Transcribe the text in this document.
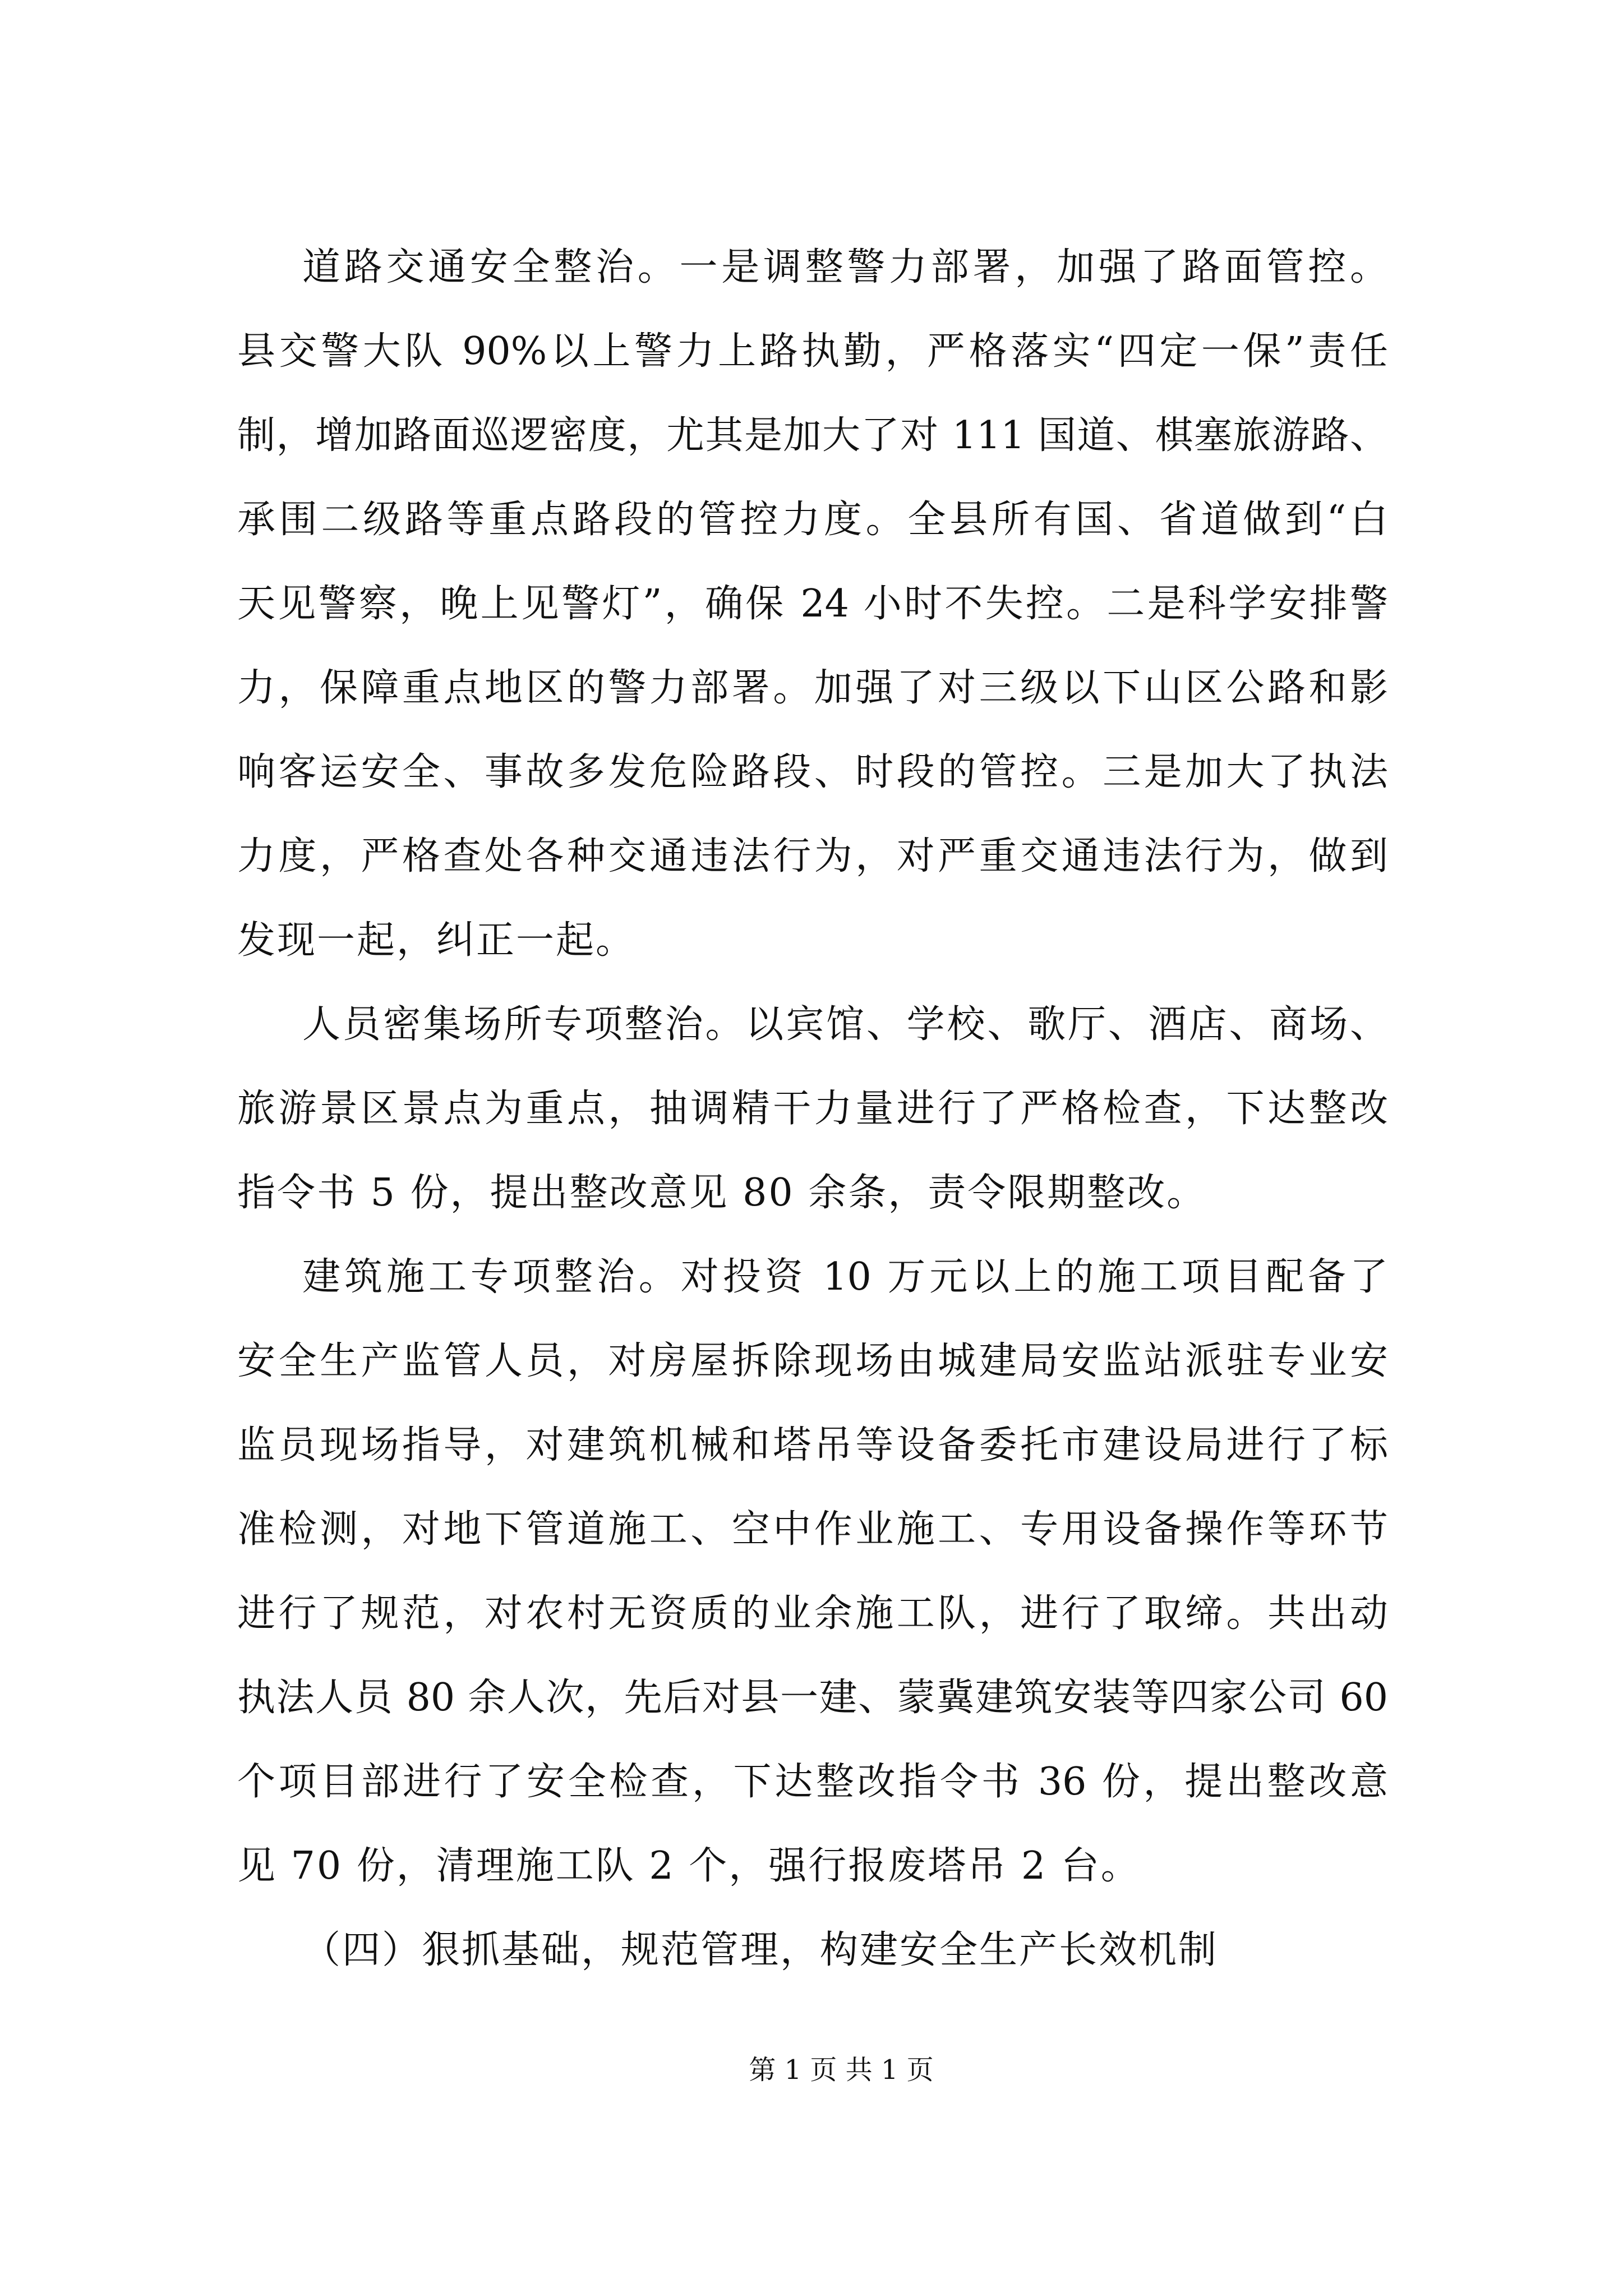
道路交通安全整治。一是调整警力部署，加强了路面管控。
县交警大队 90%以上警力上路执勤，严格落实“四定一保”责任
制，增加路面巡逻密度，尤其是加大了对 111 国道、棋塞旅游路、
承围二级路等重点路段的管控力度。全县所有国、省道做到“白
天见警察，晚上见警灯”，确保 24 小时不失控。二是科学安排警
力，保障重点地区的警力部署。加强了对三级以下山区公路和影
响客运安全、事故多发危险路段、时段的管控。三是加大了执法
力度，严格查处各种交通违法行为，对严重交通违法行为，做到
发现一起，纠正一起。
人员密集场所专项整治。以宾馆、学校、歌厅、酒店、商场、
旅游景区景点为重点，抽调精干力量进行了严格检查，下达整改
指令书 5 份，提出整改意见 80 余条，责令限期整改。
建筑施工专项整治。对投资 10 万元以上的施工项目配备了
安全生产监管人员，对房屋拆除现场由城建局安监站派驻专业安
监员现场指导，对建筑机械和塔吊等设备委托市建设局进行了标
准检测，对地下管道施工、空中作业施工、专用设备操作等环节
进行了规范，对农村无资质的业余施工队，进行了取缔。共出动
执法人员 80 余人次，先后对县一建、蒙冀建筑安装等四家公司 60
个项目部进行了安全检查，下达整改指令书 36 份，提出整改意
见 70 份，清理施工队 2 个，强行报废塔吊 2 台。
（四）狠抓基础，规范管理，构建安全生产长效机制
第 1 页 共 1 页
